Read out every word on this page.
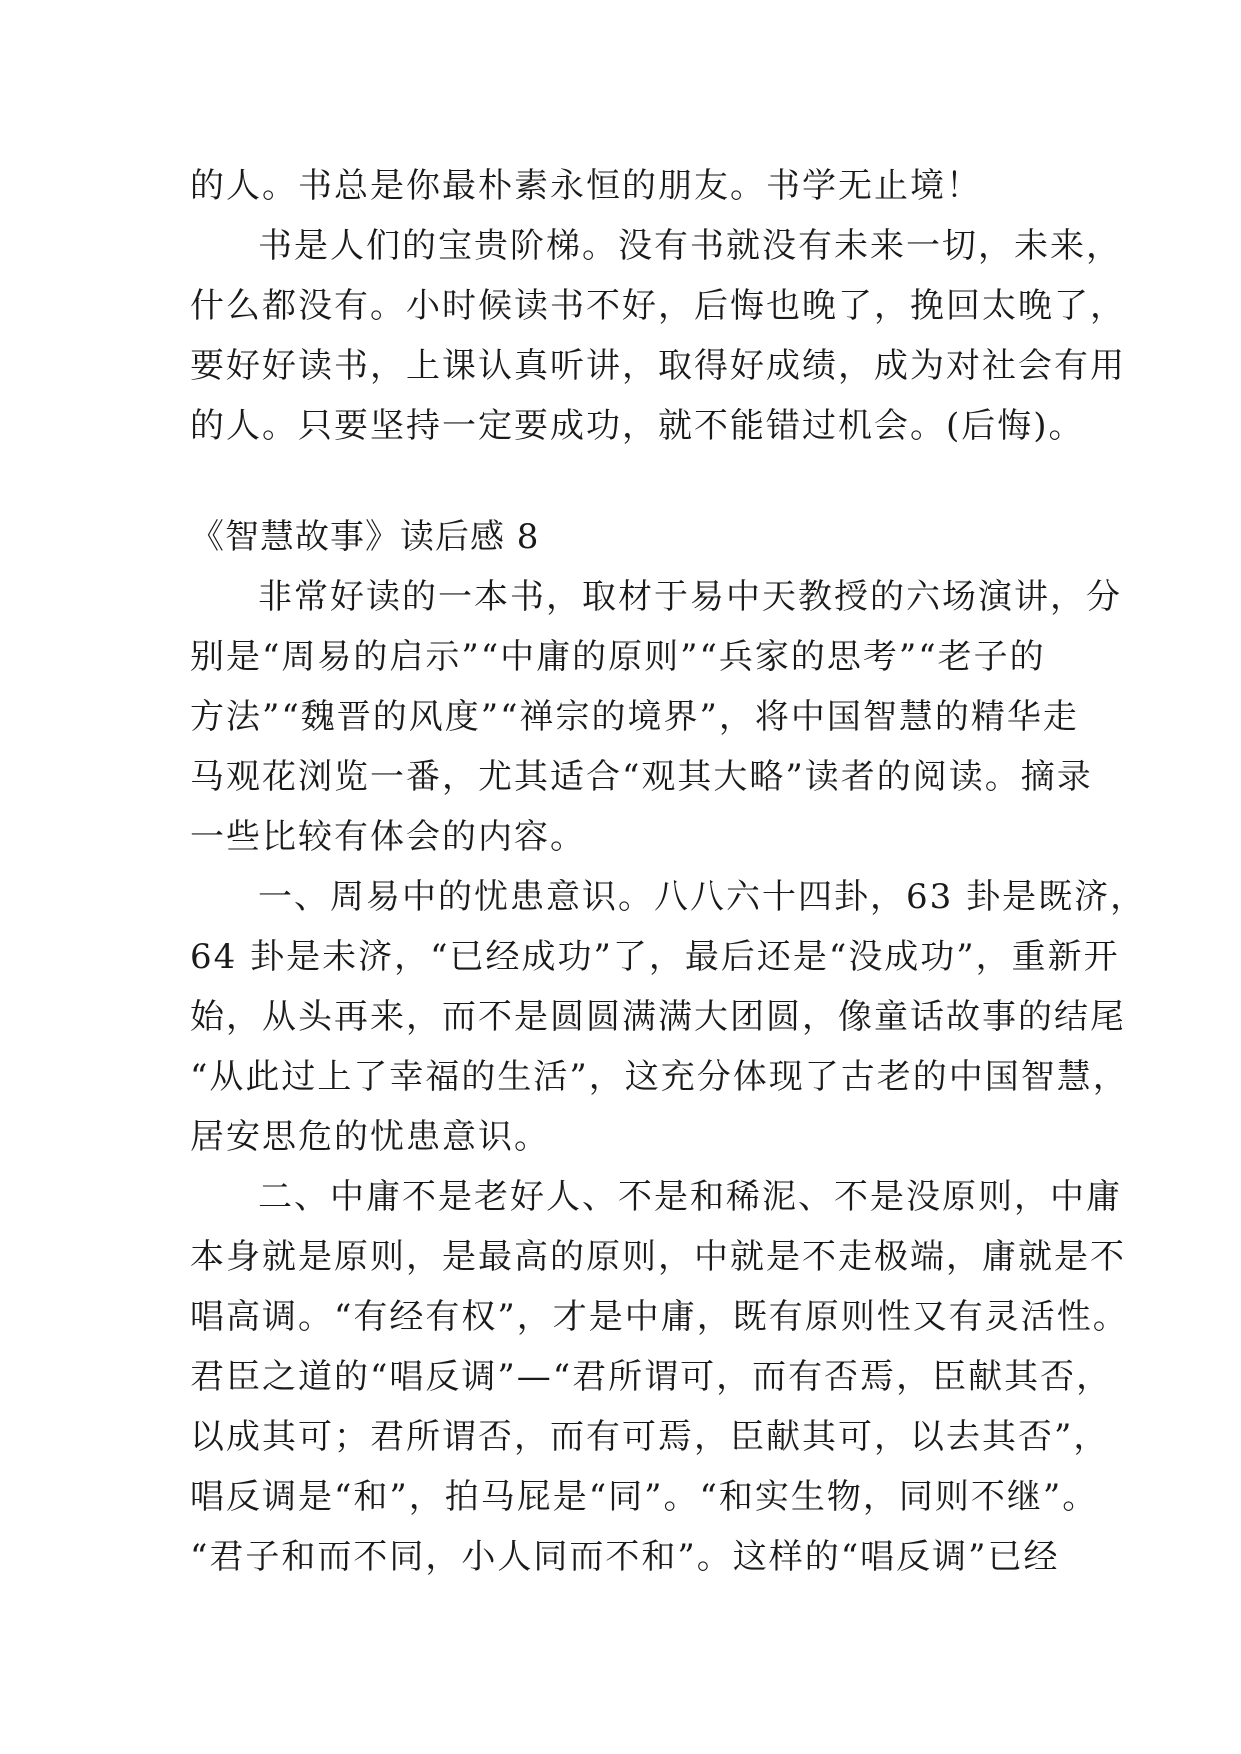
的人。书总是你最朴素永恒的朋友。书学无止境！
书是人们的宝贵阶梯。没有书就没有未来一切，未来，
什么都没有。小时候读书不好，后悔也晚了，挽回太晚了，
要好好读书，上课认真听讲，取得好成绩，成为对社会有用
的人。只要坚持一定要成功，就不能错过机会。(后悔)。
《智慧故事》读后感 8
非常好读的一本书，取材于易中天教授的六场演讲，分
别是“周易的启示”“中庸的原则”“兵家的思考”“老子的
方法”“魏晋的风度”“禅宗的境界”，将中国智慧的精华走
马观花浏览一番，尤其适合“观其大略”读者的阅读。摘录
一些比较有体会的内容。
一、周易中的忧患意识。八八六十四卦，63 卦是既济，
64 卦是未济，“已经成功”了，最后还是“没成功”，重新开
始，从头再来，而不是圆圆满满大团圆，像童话故事的结尾
“从此过上了幸福的生活”，这充分体现了古老的中国智慧，
居安思危的忧患意识。
二、中庸不是老好人、不是和稀泥、不是没原则，中庸
本身就是原则，是最高的原则，中就是不走极端，庸就是不
唱高调。“有经有权”，才是中庸，既有原则性又有灵活性。
君臣之道的“唱反调”—“君所谓可，而有否焉，臣献其否，
以成其可；君所谓否，而有可焉，臣献其可，以去其否”，
唱反调是“和”，拍马屁是“同”。“和实生物，同则不继”。
“君子和而不同，小人同而不和”。这样的“唱反调”已经
